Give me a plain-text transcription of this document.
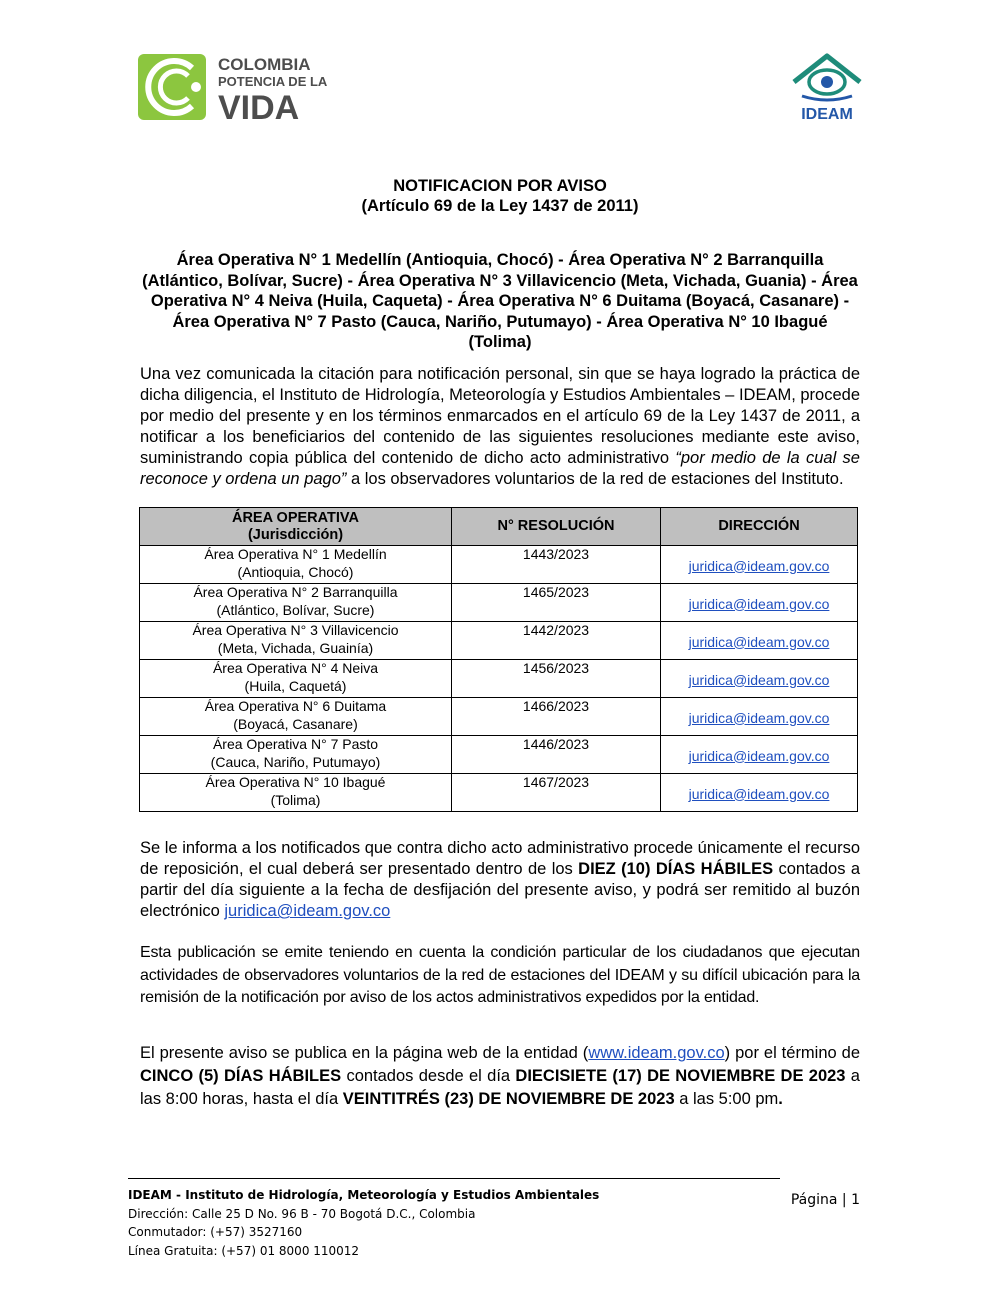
COLOMBIA
POTENCIA DE LA
VIDA	IDEAM
NOTIFICACION POR AVISO
(Artículo 69 de la Ley 1437 de 2011)
Área Operativa N° 1 Medellín (Antioquia, Chocó) - Área Operativa N° 2 Barranquilla (Atlántico, Bolívar, Sucre) - Área Operativa N° 3 Villavicencio (Meta, Vichada, Guania) - Área Operativa N° 4 Neiva (Huila, Caqueta) - Área Operativa N° 6 Duitama (Boyacá, Casanare) - Área Operativa N° 7 Pasto (Cauca, Nariño, Putumayo) - Área Operativa N° 10 Ibagué (Tolima)
Una vez comunicada la citación para notificación personal, sin que se haya logrado la práctica de dicha diligencia, el Instituto de Hidrología, Meteorología y Estudios Ambientales – IDEAM, procede por medio del presente y en los términos enmarcados en el artículo 69 de la Ley 1437 de 2011, a notificar a los beneficiarios del contenido de las siguientes resoluciones mediante este aviso, suministrando copia pública del contenido de dicho acto administrativo “por medio de la cual se reconoce y ordena un pago” a los observadores voluntarios de la red de estaciones del Instituto.
ÁREA OPERATIVA
(Jurisdicción)	N° RESOLUCIÓN	DIRECCIÓN
Área Operativa N° 1 Medellín
(Antioquia, Chocó)	1443/2023	juridica@ideam.gov.co
Área Operativa N° 2 Barranquilla
(Atlántico, Bolívar, Sucre)	1465/2023	juridica@ideam.gov.co
Área Operativa N° 3 Villavicencio
(Meta, Vichada, Guainía)	1442/2023	juridica@ideam.gov.co
Área Operativa N° 4 Neiva
(Huila, Caquetá)	1456/2023	juridica@ideam.gov.co
Área Operativa N° 6 Duitama
(Boyacá, Casanare)	1466/2023	juridica@ideam.gov.co
Área Operativa N° 7 Pasto
(Cauca, Nariño, Putumayo)	1446/2023	juridica@ideam.gov.co
Área Operativa N° 10 Ibagué
(Tolima)	1467/2023	juridica@ideam.gov.co
Se le informa a los notificados que contra dicho acto administrativo procede únicamente el recurso de reposición, el cual deberá ser presentado dentro de los DIEZ (10) DÍAS HÁBILES contados a partir del día siguiente a la fecha de desfijación del presente aviso, y podrá ser remitido al buzón electrónico juridica@ideam.gov.co
Esta publicación se emite teniendo en cuenta la condición particular de los ciudadanos que ejecutan actividades de observadores voluntarios de la red de estaciones del IDEAM y su difícil ubicación para la remisión de la notificación por aviso de los actos administrativos expedidos por la entidad.
El presente aviso se publica en la página web de la entidad (www.ideam.gov.co) por el término de CINCO (5) DÍAS HÁBILES contados desde el día DIECISIETE (17) DE NOVIEMBRE DE 2023 a las 8:00 horas, hasta el día VEINTITRÉS (23) DE NOVIEMBRE DE 2023 a las 5:00 pm.
IDEAM - Instituto de Hidrología, Meteorología y Estudios Ambientales
Dirección: Calle 25 D No. 96 B - 70 Bogotá D.C., Colombia
Conmutador: (+57) 3527160
Línea Gratuita: (+57) 01 8000 110012
Página | 1
